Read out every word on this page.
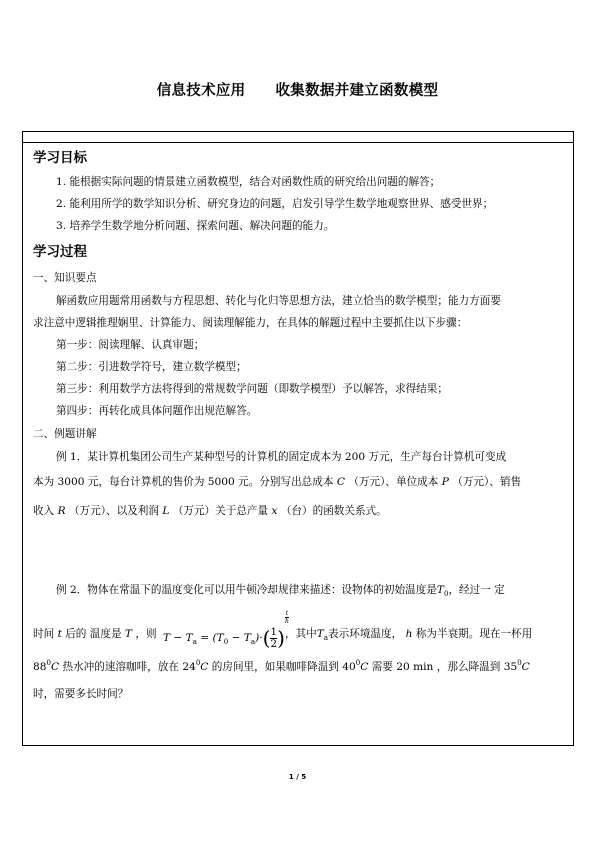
信息技术应用 收集数据并建立函数模型
学习目标
1. 能根据实际问题的情景建立函数模型，结合对函数性质的研究给出问题的解答；
2. 能利用所学的数学知识分析、研究身边的问题，启发引导学生数学地观察世界、感受世界；
3. 培养学生数学地分析问题、探索问题、解决问题的能力。
学习过程
一、知识要点
解函数应用题常用函数与方程思想、转化与化归等思想方法，建立恰当的数学模型；能力方面要
求注意中逻辑推理娴里、计算能力、阅读理解能力，在具体的解题过程中主要抓住以下步骤：
第一步：阅读理解、认真审题；
第二步：引进数学符号，建立数学模型；
第三步：利用数学方法将得到的常规数学问题（即数学模型）予以解答，求得结果；
第四步：再转化成具体问题作出规范解答。
二、例题讲解
例 1．某计算机集团公司生产某种型号的计算机的固定成本为 200 万元，生产每台计算机可变成
本为 3000 元，每台计算机的售价为 5000 元。分别写出总成本 C （万元）、单位成本 P （万元）、销售
收入 R （万元）、以及利润 L （万元）关于总产量 x （台）的函数关系式。
例 2．物体在常温下的温度变化可以用牛顿冷却规律来描述：设物体的初始温度是$T_0$，经过一 定
时间 t 后的 温度是 T ，则 $T - T_a = (T_0 - T_a)\cdot( \frac{1}{2}$ )
$\frac{t}{h}$
，其中$T_a$表示环境温度， h 称为半衰期。现在一杯用
$88^0C$ 热水冲的速溶咖啡，放在 $24^0C$ 的房间里，如果咖啡降温到 $40^0C$ 需要 20 min ，那么降温到 $35^0C$
时，需要多长时间？
1 / 5
